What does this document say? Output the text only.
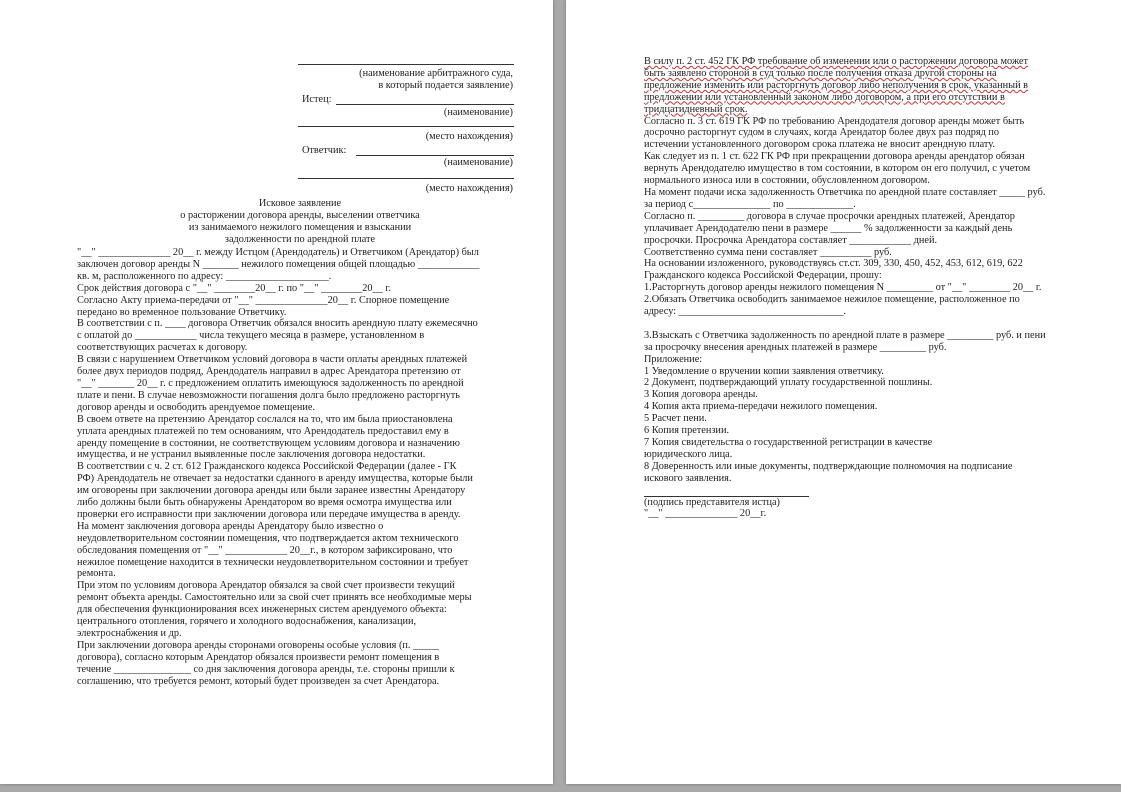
(наименование арбитражного суда,
в который подается заявление)
Истец:
(наименование)
(место нахождения)
Ответчик:
(наименование)
(место нахождения)
Исковое заявление
о расторжении договора аренды, выселении ответчика
из занимаемого нежилого помещения и взыскании
задолженности по арендной плате
"__" ______________ 20__ г. между Истцом (Арендодатель) и Ответчиком (Арендатор) был
заключен договор аренды N _______ нежилого помещения общей площадью ____________
кв. м, расположенного по адресу: ____________________.
Срок действия договора с "__" ________20__ г. по "__" ________20__ г.
Согласно Акту приема-передачи от "__" ______________20__ г. Спорное помещение
передано во временное пользование Ответчику.
В соответствии с п. ____ договора Ответчик обязался вносить арендную плату ежемесячно
с оплатой до ____________ числа текущего месяца в размере, установленном в
соответствующих расчетах к договору.
В связи с нарушением Ответчиком условий договора в части оплаты арендных платежей
более двух периодов подряд, Арендодатель направил в адрес Арендатора претензию от
"__" _______ 20__ г. с предложением оплатить имеющуюся задолженность по арендной
плате и пени. В случае невозможности погашения долга было предложено расторгнуть
договор аренды и освободить арендуемое помещение.
В своем ответе на претензию Арендатор сослался на то, что им была приостановлена
уплата арендных платежей по тем основаниям, что Арендодатель предоставил ему в
аренду помещение в состоянии, не соответствующем условиям договора и назначению
имущества, и не устранил выявленные после заключения договора недостатки.
В соответствии с ч. 2 ст. 612 Гражданского кодекса Российской Федерации (далее - ГК
РФ) Арендодатель не отвечает за недостатки сданного в аренду имущества, которые были
им оговорены при заключении договора аренды или были заранее известны Арендатору
либо должны были быть обнаружены Арендатором во время осмотра имущества или
проверки его исправности при заключении договора или передаче имущества в аренду.
На момент заключения договора аренды Арендатору было известно о
неудовлетворительном состоянии помещения, что подтверждается актом технического
обследования помещения от "__" ____________ 20__г., в котором зафиксировано, что
нежилое помещение находится в технически неудовлетворительном состоянии и требует
ремонта.
При этом по условиям договора Арендатор обязался за свой счет произвести текущий
ремонт объекта аренды. Самостоятельно или за свой счет принять все необходимые меры
для обеспечения функционирования всех инженерных систем арендуемого объекта:
центрального отопления, горячего и холодного водоснабжения, канализации,
электроснабжения и др.
При заключении договора аренды сторонами оговорены особые условия (п. _____
договора), согласно которым Арендатор обязался произвести ремонт помещения в
течение _______________ со дня заключения договора аренды, т.е. стороны пришли к
соглашению, что требуется ремонт, который будет произведен за счет Арендатора.
В силу п. 2 ст. 452 ГК РФ требование об изменении или о расторжении договора может
быть заявлено стороной в суд только после получения отказа другой стороны на
предложение изменить или расторгнуть договор либо неполучения в срок, указанный в
предложении или установленный законом либо договором, а при его отсутствии в
тридцатидневный срок.
Согласно п. 3 ст. 619 ГК РФ по требованию Арендодателя договор аренды может быть
досрочно расторгнут судом в случаях, когда Арендатор более двух раз подряд по
истечении установленного договором срока платежа не вносит арендную плату.
Как следует из п. 1 ст. 622 ГК РФ при прекращении договора аренды арендатор обязан
вернуть Арендодателю имущество в том состоянии, в котором он его получил, с учетом
нормального износа или в состоянии, обусловленном договором.
На момент подачи иска задолженность Ответчика по арендной плате составляет _____ руб.
за период с_______________ по _____________.
Согласно п. _________ договора в случае просрочки арендных платежей, Арендатор
уплачивает Арендодателю пени в размере ______ % задолженности за каждый день
просрочки. Просрочка Арендатора составляет ____________ дней.
Соответственно сумма пени составляет __________ руб.
На основании изложенного, руководствуясь ст.ст. 309, 330, 450, 452, 453, 612, 619, 622
Гражданского кодекса Российской Федерации, прошу:
1.Расторгнуть договор аренды нежилого помещения N _________ от "__" ________ 20__ г.
2.Обязать Ответчика освободить занимаемое нежилое помещение, расположенное по
адресу: ________________________________.
3.Взыскать с Ответчика задолженность по арендной плате в размере _________ руб. и пени
за просрочку внесения арендных платежей в размере _________ руб.
Приложение:
1 Уведомление о вручении копии заявления ответчику.
2 Документ, подтверждающий уплату государственной пошлины.
3 Копия договора аренды.
4 Копия акта приема-передачи нежилого помещения.
5 Расчет пени.
6 Копия претензии.
7 Копия свидетельства о государственной регистрации в качестве
юридического лица.
8 Доверенность или иные документы, подтверждающие полномочия на подписание
искового заявления.
(подпись представителя истца)
"__" ______________ 20__г.
